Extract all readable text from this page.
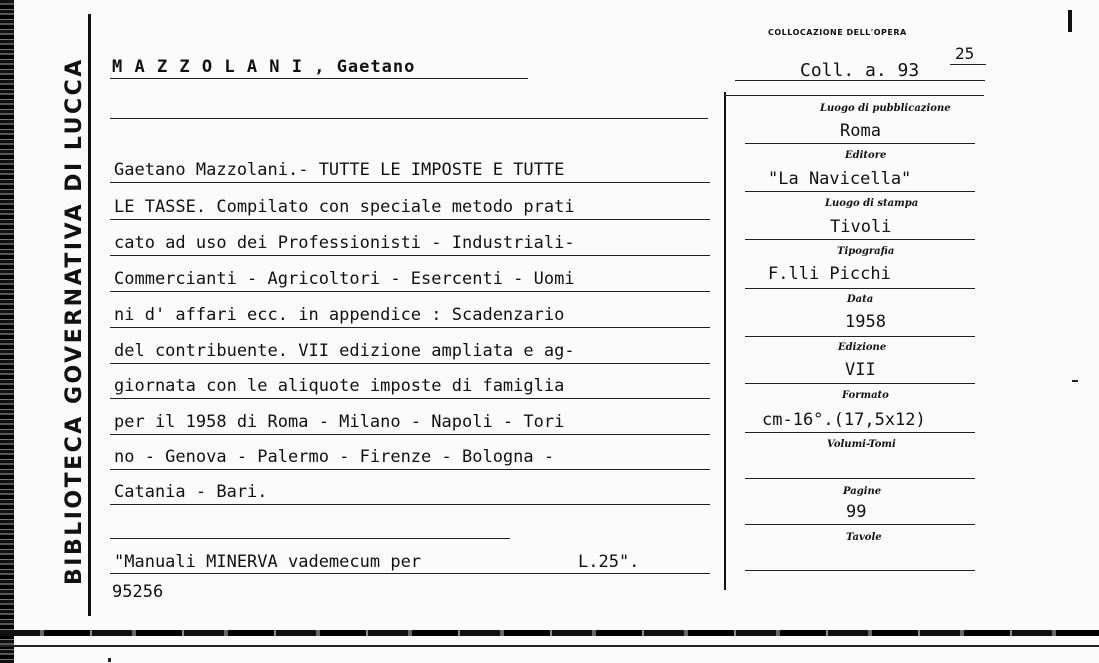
BIBLIOTECA GOVERNATIVA DI LUCCA M A Z Z O L A N I , Gaetano
COLLOCAZIONE DELL'OPERA
Coll. a. 93
25
Gaetano Mazzolani.- TUTTE LE IMPOSTE E TUTTE
LE TASSE. Compilato con speciale metodo prati
cato ad uso dei Professionisti - Industriali-
Commercianti - Agricoltori - Esercenti - Uomi
ni d' affari ecc. in appendice : Scadenzario
del contribuente. VII edizione ampliata e ag-
giornata con le aliquote imposte di famiglia
per il 1958 di Roma - Milano - Napoli - Tori
no - Genova - Palermo - Firenze - Bologna -
Catania - Bari.
"Manuali MINERVA vademecum per	L.25".
95256
Luogo di pubblicazione
Roma
Editore
"La Navicella"
Luogo di stampa
Tivoli
Tipografia
F.lli Picchi
Data
1958
Edizione
VII
Formato
cm-16°.(17,5x12)
Volumi-Tomi
Pagine
99
Tavole
